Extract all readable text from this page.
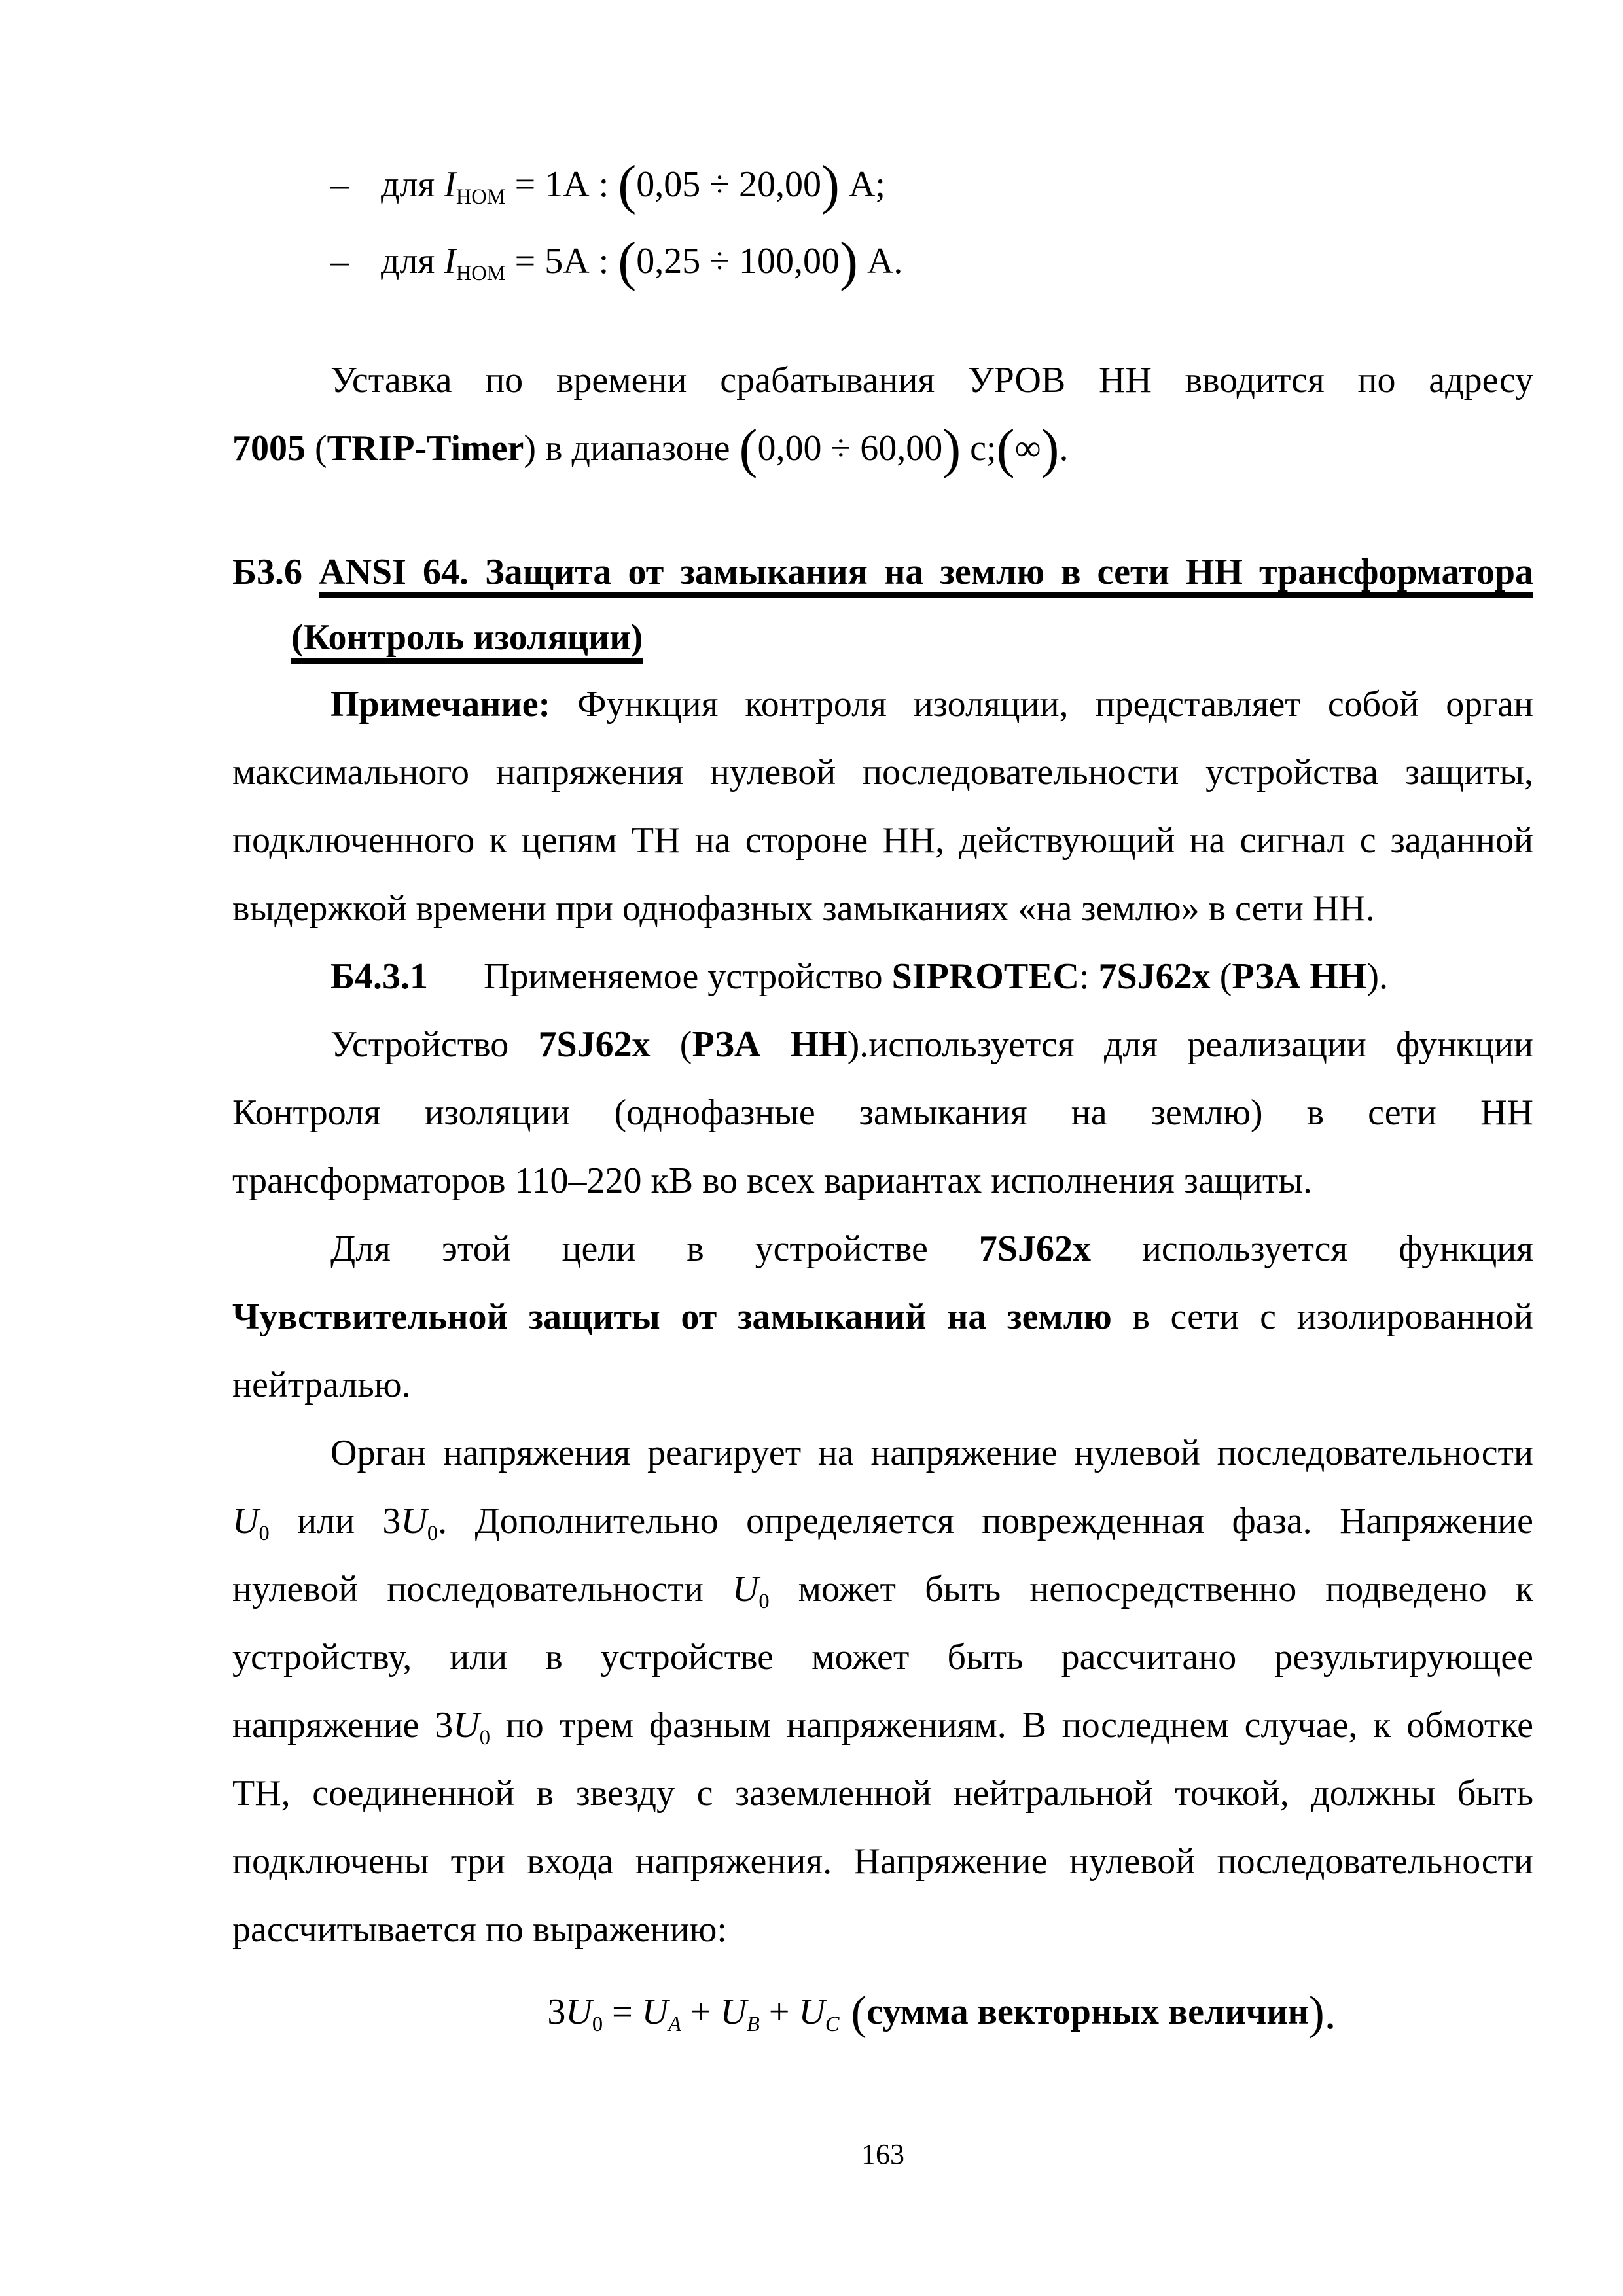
– для $I_{НОМ} = 1А$ : (0,05 ÷ 20,00) А;
– для $I_{НОМ} = 5А$ : (0,25 ÷ 100,00) А.
Уставка по времени срабатывания УРОВ НН вводится по адресу
7005 (TRIP-Timer) в диапазоне (0,00 ÷ 60,00) с;(∞).
Б3.6 ANSI 64. Защита от замыкания на землю в сети НН трансформатора
(Контроль изоляции)
Примечание: Функция контроля изоляции, представляет собой орган
максимального напряжения нулевой последовательности устройства защиты,
подключенного к цепям ТН на стороне НН, действующий на сигнал с заданной
выдержкой времени при однофазных замыканиях «на землю» в сети НН.
Б4.3.1 Применяемое устройство SIPROTEC: 7SJ62x (РЗА НН).
Устройство 7SJ62x (РЗА НН).используется для реализации функции
Контроля изоляции (однофазные замыкания на землю) в сети НН
трансформаторов 110–220 кВ во всех вариантах исполнения защиты.
Для этой цели в устройстве 7SJ62x используется функция
Чувствительной защиты от замыканий на землю в сети с изолированной
нейтралью.
Орган напряжения реагирует на напряжение нулевой последовательности
$U_0$ или $3U_0$. Дополнительно определяется поврежденная фаза. Напряжение
нулевой последовательности $U_0$ может быть непосредственно подведено к
устройству, или в устройстве может быть рассчитано результирующее
напряжение $3U_0$ по трем фазным напряжениям. В последнем случае, к обмотке
ТН, соединенной в звезду с заземленной нейтральной точкой, должны быть
подключены три входа напряжения. Напряжение нулевой последовательности
рассчитывается по выражению:
$3U_0 = U_A + U_B + U_C$ (сумма векторных величин).
163
